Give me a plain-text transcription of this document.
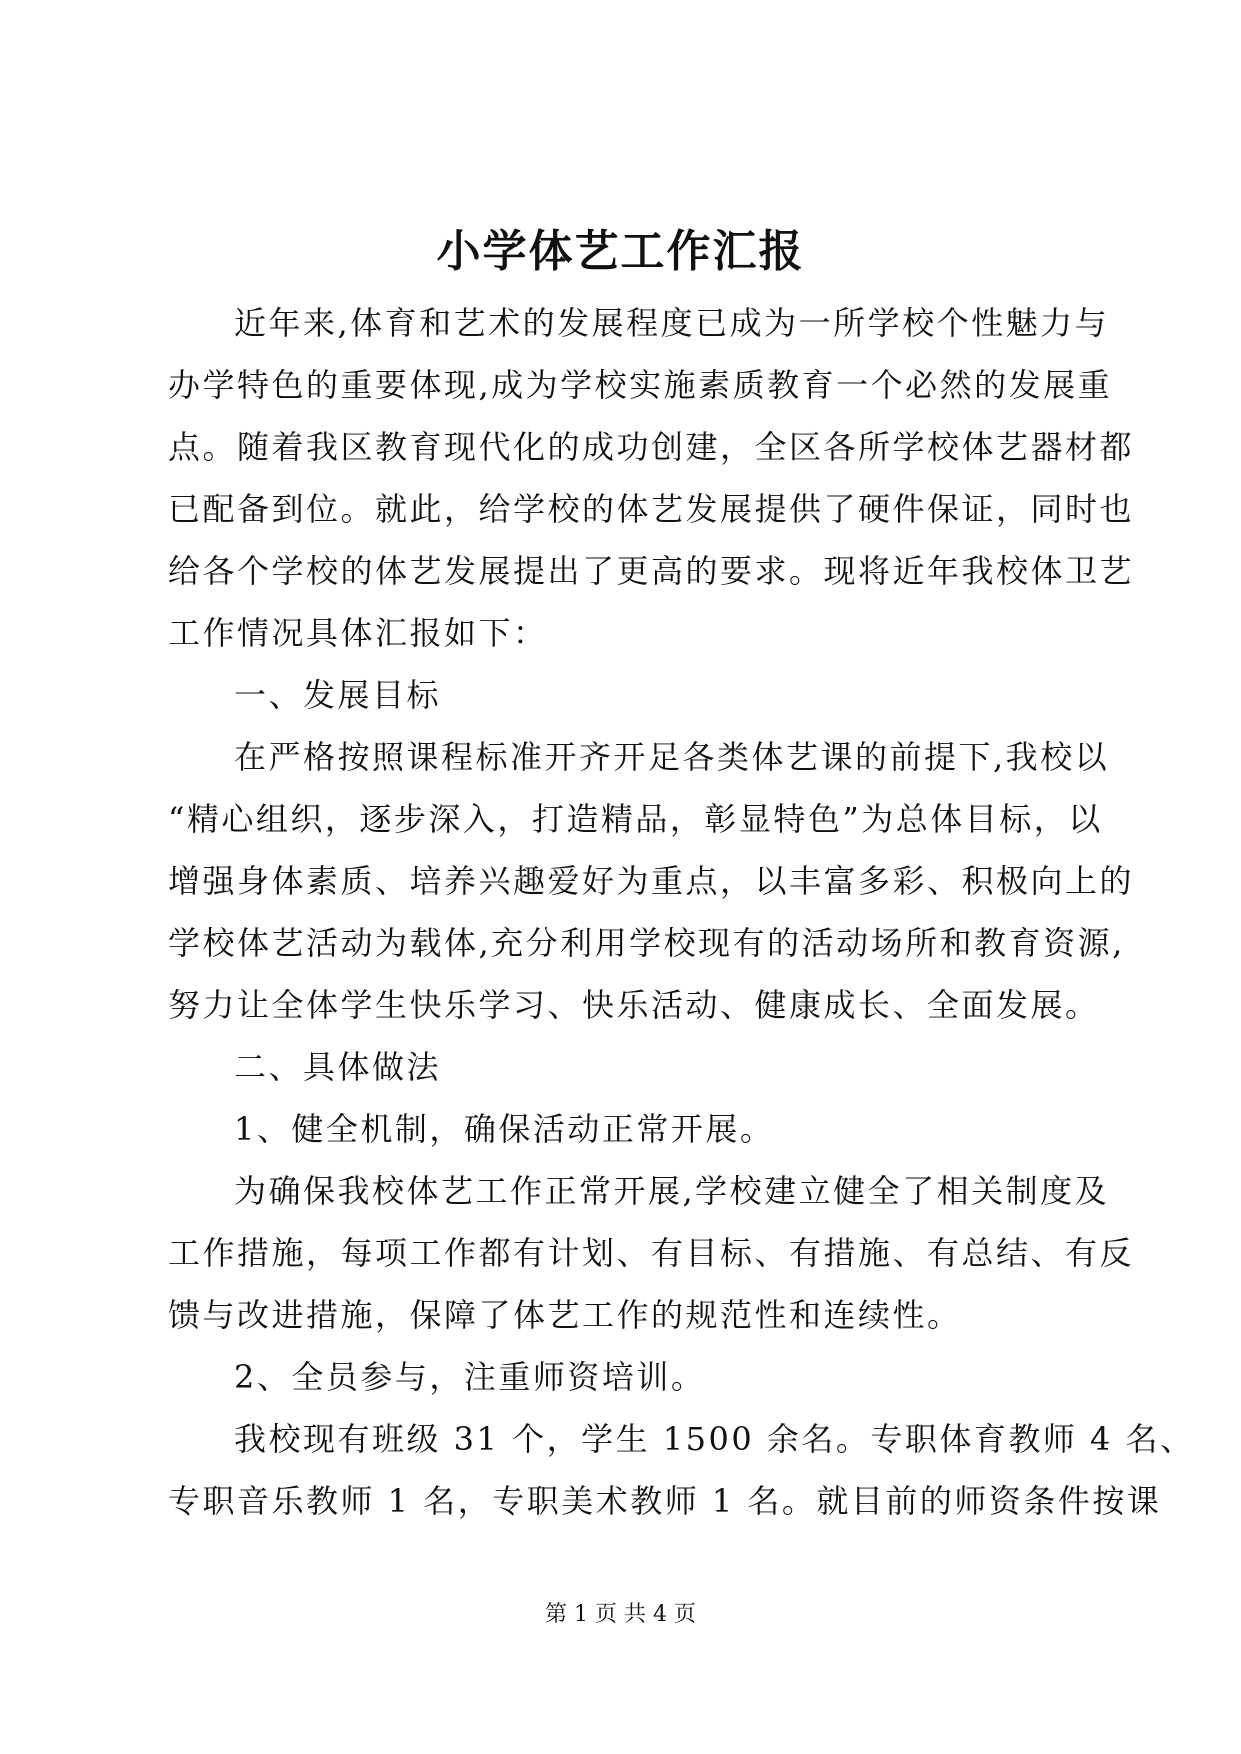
小学体艺工作汇报
近年来,体育和艺术的发展程度已成为一所学校个性魅力与
办学特色的重要体现,成为学校实施素质教育一个必然的发展重
点。随着我区教育现代化的成功创建，全区各所学校体艺器材都
已配备到位。就此，给学校的体艺发展提供了硬件保证，同时也
给各个学校的体艺发展提出了更高的要求。现将近年我校体卫艺
工作情况具体汇报如下：
一、发展目标
在严格按照课程标准开齐开足各类体艺课的前提下,我校以
“精心组织，逐步深入，打造精品，彰显特色”为总体目标，以
增强身体素质、培养兴趣爱好为重点，以丰富多彩、积极向上的
学校体艺活动为载体,充分利用学校现有的活动场所和教育资源,
努力让全体学生快乐学习、快乐活动、健康成长、全面发展。
二、具体做法
1、健全机制，确保活动正常开展。
为确保我校体艺工作正常开展,学校建立健全了相关制度及
工作措施，每项工作都有计划、有目标、有措施、有总结、有反
馈与改进措施，保障了体艺工作的规范性和连续性。
2、全员参与，注重师资培训。
我校现有班级 31 个，学生 1500 余名。专职体育教师 4 名、
专职音乐教师 1 名，专职美术教师 1 名。就目前的师资条件按课
第 1 页 共 4 页
